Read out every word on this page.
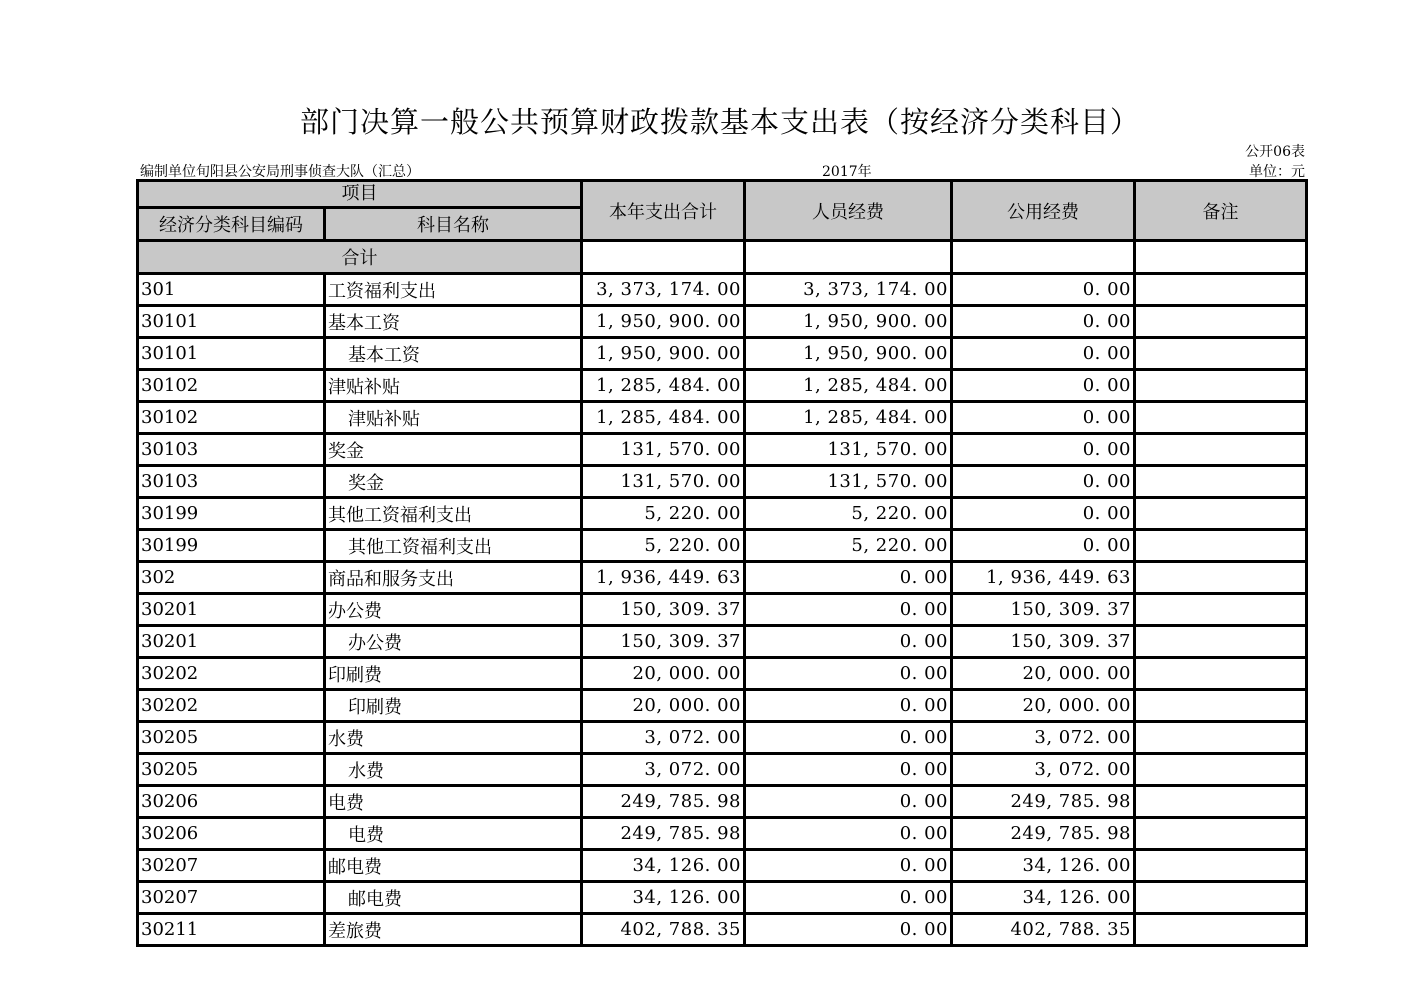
部门决算一般公共预算财政拨款基本支出表（按经济分类科目）
公开06表
编制单位旬阳县公安局刑事侦查大队（汇总）	2017年	单位：元
项目		本年支出合计	人员经费	公用经费	备注
经济分类科目编码	科目名称				
合计					
301	工资福利支出	3, 373, 174. 00	3, 373, 174. 00	0. 00	
30101	基本工资	1, 950, 900. 00	1, 950, 900. 00	0. 00	
30101	基本工资	1, 950, 900. 00	1, 950, 900. 00	0. 00	
30102	津贴补贴	1, 285, 484. 00	1, 285, 484. 00	0. 00	
30102	津贴补贴	1, 285, 484. 00	1, 285, 484. 00	0. 00	
30103	奖金	131, 570. 00	131, 570. 00	0. 00	
30103	奖金	131, 570. 00	131, 570. 00	0. 00	
30199	其他工资福利支出	5, 220. 00	5, 220. 00	0. 00	
30199	其他工资福利支出	5, 220. 00	5, 220. 00	0. 00	
302	商品和服务支出	1, 936, 449. 63	0. 00	1, 936, 449. 63	
30201	办公费	150, 309. 37	0. 00	150, 309. 37	
30201	办公费	150, 309. 37	0. 00	150, 309. 37	
30202	印刷费	20, 000. 00	0. 00	20, 000. 00	
30202	印刷费	20, 000. 00	0. 00	20, 000. 00	
30205	水费	3, 072. 00	0. 00	3, 072. 00	
30205	水费	3, 072. 00	0. 00	3, 072. 00	
30206	电费	249, 785. 98	0. 00	249, 785. 98	
30206	电费	249, 785. 98	0. 00	249, 785. 98	
30207	邮电费	34, 126. 00	0. 00	34, 126. 00	
30207	邮电费	34, 126. 00	0. 00	34, 126. 00	
30211	差旅费	402, 788. 35	0. 00	402, 788. 35	
